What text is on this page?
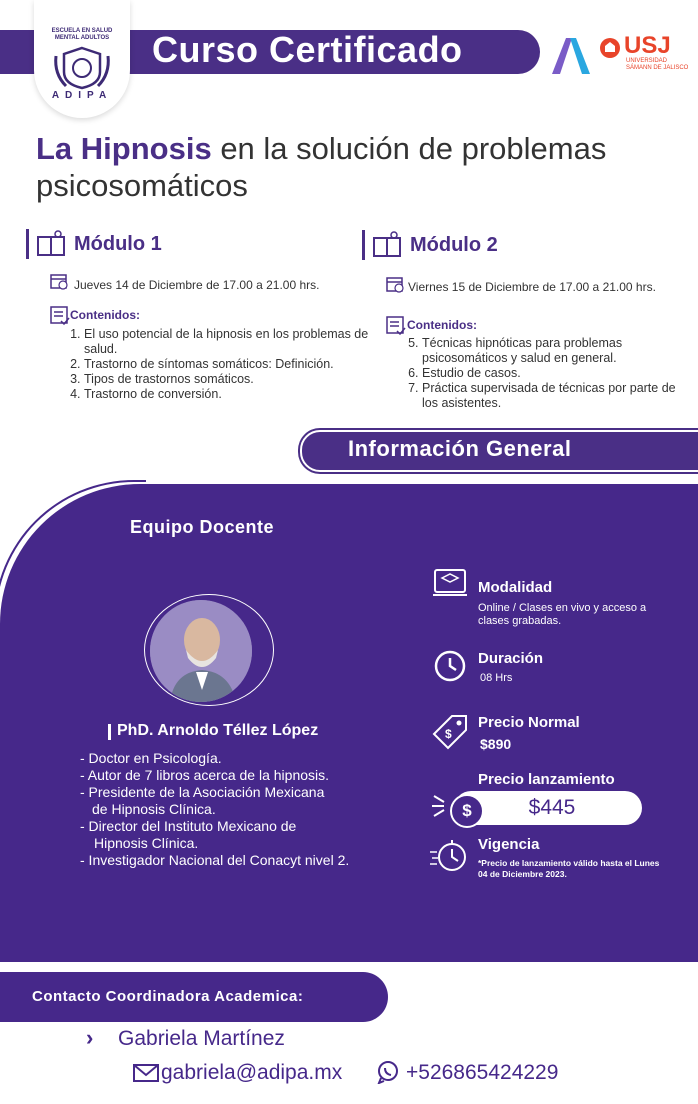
Curso Certificado
ESCUELA EN SALUD MENTAL ADULTOS
ADIPA
USJ
UNIVERSIDAD SÁMANN DE JALISCO
La Hipnosis en la solución de problemas psicosomáticos
Módulo 1
Jueves 14 de Diciembre de 17.00 a 21.00 hrs.
Contenidos:
1. El uso potencial de la hipnosis en los problemas de salud.
2. Trastorno de síntomas somáticos: Definición.
3. Tipos de trastornos somáticos.
4. Trastorno de conversión.
Módulo 2
Viernes 15 de Diciembre de 17.00 a 21.00 hrs.
Contenidos:
5. Técnicas hipnóticas para problemas psicosomáticos y salud en general.
6. Estudio de casos.
7. Práctica supervisada de técnicas por parte de los asistentes.
Información General
Equipo Docente
PhD. Arnoldo Téllez López
- Doctor en Psicología.
- Autor de 7 libros acerca de la hipnosis.
- Presidente de la Asociación Mexicana
de Hipnosis Clínica.
- Director del Instituto Mexicano de
Hipnosis Clínica.
- Investigador Nacional del Conacyt nivel 2.
Modalidad
Online / Clases en vivo y acceso a clases grabadas.
Duración
08 Hrs
$
Precio Normal
$890
Precio lanzamiento
$445
$
Vigencia
*Precio de lanzamiento válido hasta el Lunes 04 de Diciembre 2023.
Contacto Coordinadora Academica:
› Gabriela Martínez
gabriela@adipa.mx	+526865424229
